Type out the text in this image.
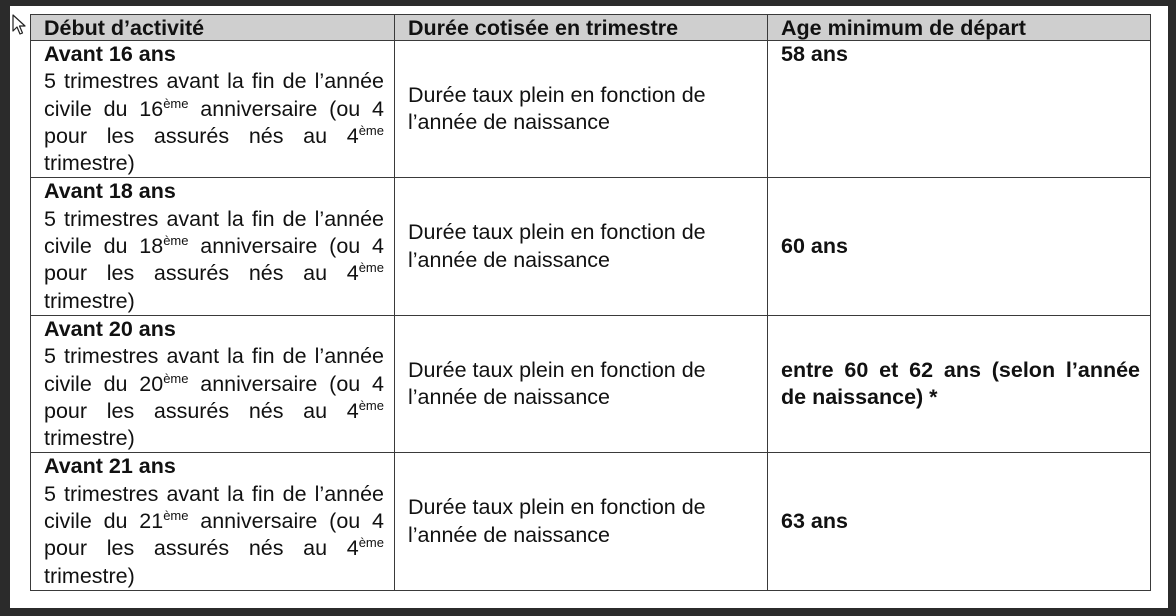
Début d’activité	Durée cotisée en trimestre	Age minimum de départ

Avant 16 ans
5 trimestres avant la fin de l’année civile du 16ème anniversaire (ou 4 pour les assurés nés au 4ème trimestre)	Durée taux plein en fonction de l’année de naissance	58 ans

Avant 18 ans
5 trimestres avant la fin de l’année civile du 18ème anniversaire (ou 4 pour les assurés nés au 4ème trimestre)	Durée taux plein en fonction de l’année de naissance	60 ans

Avant 20 ans
5 trimestres avant la fin de l’année civile du 20ème anniversaire (ou 4 pour les assurés nés au 4ème trimestre)	Durée taux plein en fonction de l’année de naissance	entre 60 et 62 ans (selon l’année de naissance) *

Avant 21 ans
5 trimestres avant la fin de l’année civile du 21ème anniversaire (ou 4 pour les assurés nés au 4ème trimestre)	Durée taux plein en fonction de l’année de naissance	63 ans
